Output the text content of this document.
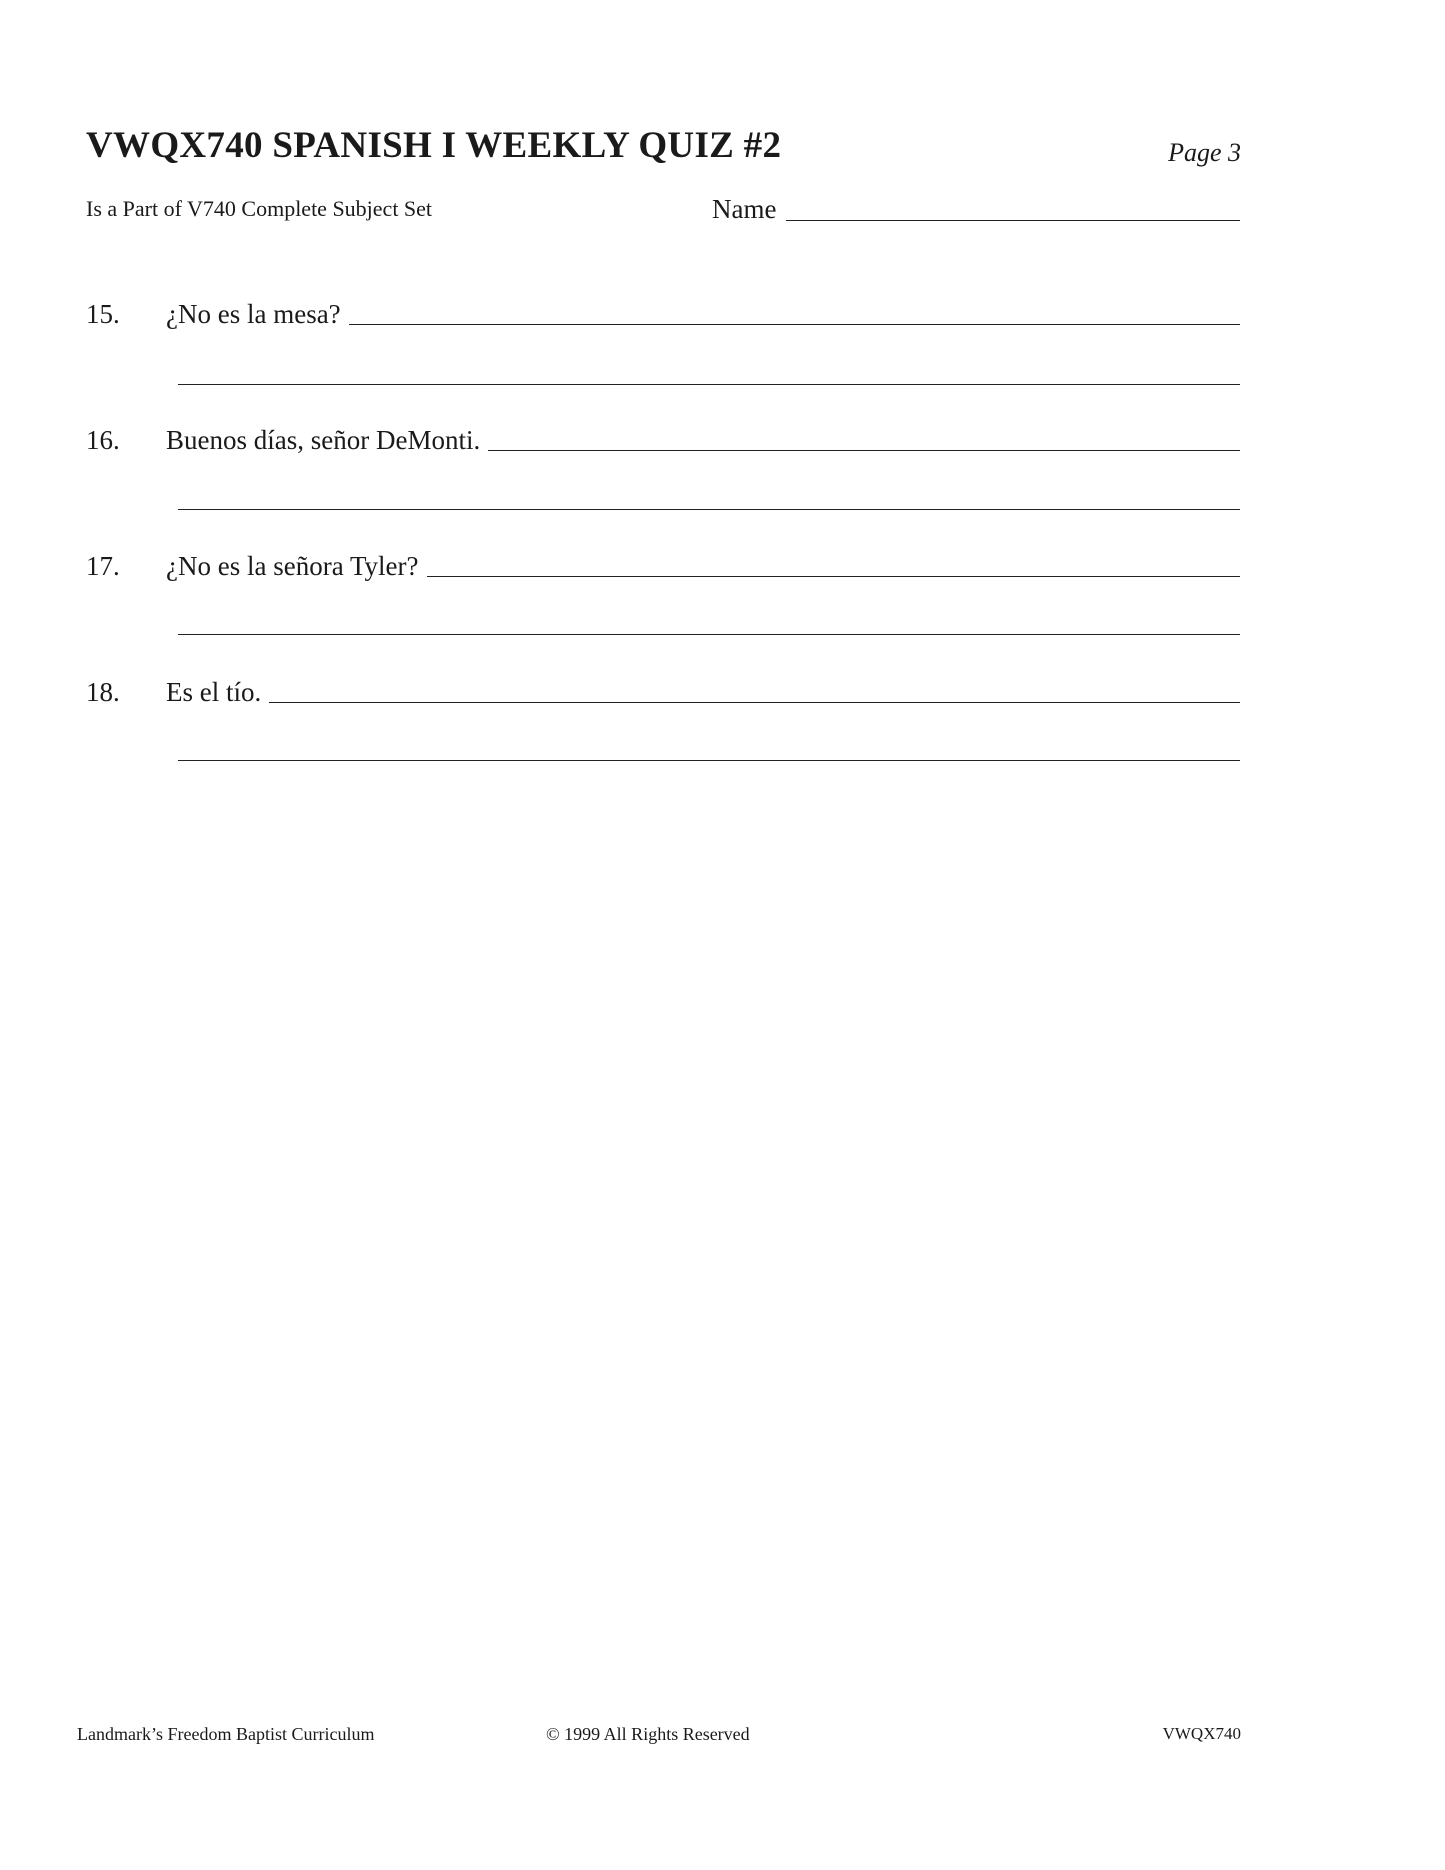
VWQX740 SPANISH I WEEKLY QUIZ #2	Page 3
Is a Part of V740 Complete Subject Set	Name
15.	¿No es la mesa?
16.	Buenos días, señor DeMonti.
17.	¿No es la señora Tyler?
18.	Es el tío.
Landmark’s Freedom Baptist Curriculum	© 1999 All Rights Reserved	VWQX740
